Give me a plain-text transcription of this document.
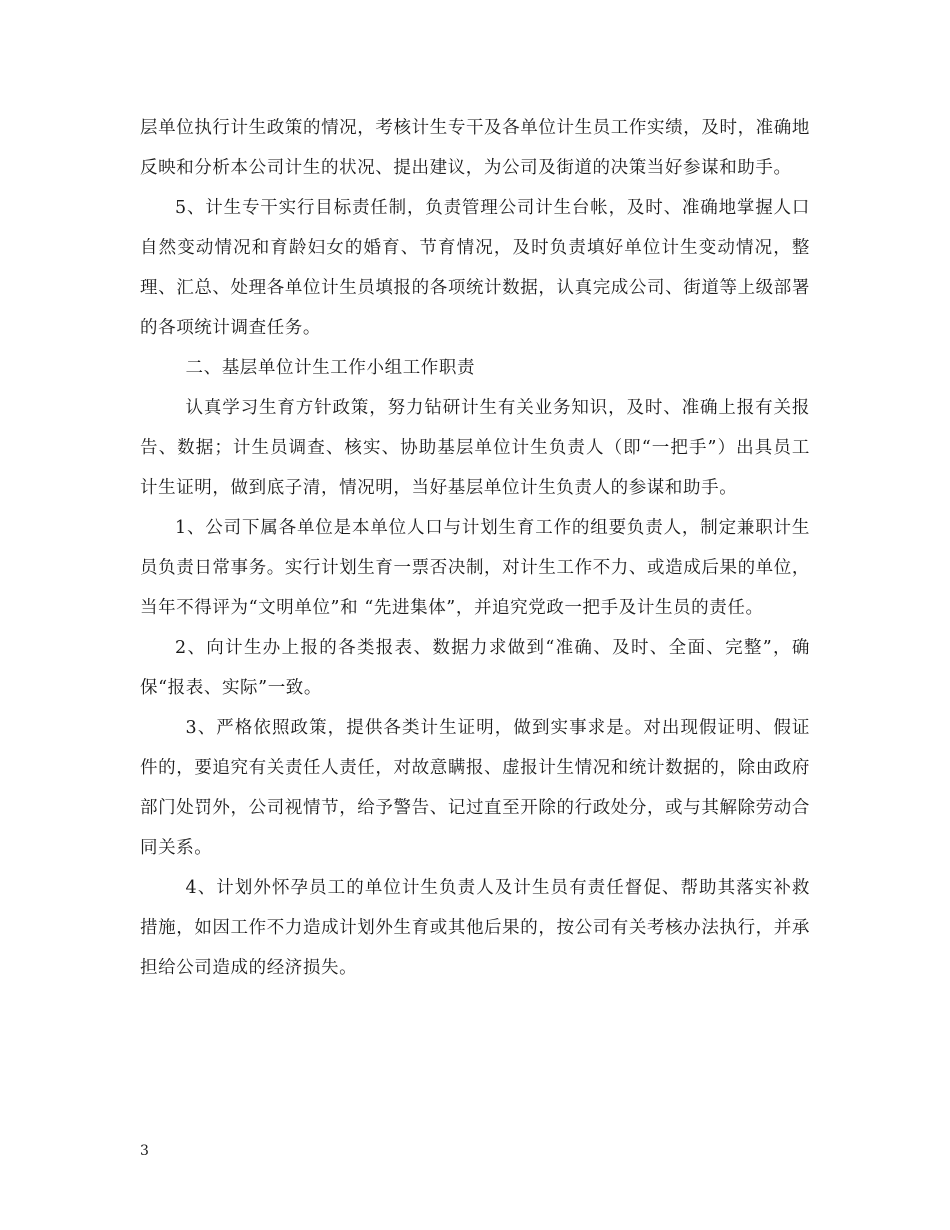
层单位执行计生政策的情况，考核计生专干及各单位计生员工作实绩，及时，准确地反映和分析本公司计生的状况、提出建议，为公司及街道的决策当好参谋和助手。

5、计生专干实行目标责任制，负责管理公司计生台帐，及时、准确地掌握人口自然变动情况和育龄妇女的婚育、节育情况，及时负责填好单位计生变动情况，整理、汇总、处理各单位计生员填报的各项统计数据，认真完成公司、街道等上级部署的各项统计调查任务。

二、基层单位计生工作小组工作职责

认真学习生育方针政策，努力钻研计生有关业务知识，及时、准确上报有关报告、数据；计生员调查、核实、协助基层单位计生负责人（即“一把手”）出具员工计生证明，做到底子清，情况明，当好基层单位计生负责人的参谋和助手。

1、公司下属各单位是本单位人口与计划生育工作的组要负责人，制定兼职计生员负责日常事务。实行计划生育一票否决制，对计生工作不力、或造成后果的单位，当年不得评为“文明单位”和 “先进集体”，并追究党政一把手及计生员的责任。

2、向计生办上报的各类报表、数据力求做到“准确、及时、全面、完整”，确保“报表、实际”一致。

3、严格依照政策，提供各类计生证明，做到实事求是。对出现假证明、假证件的，要追究有关责任人责任，对故意瞒报、虚报计生情况和统计数据的，除由政府部门处罚外，公司视情节，给予警告、记过直至开除的行政处分，或与其解除劳动合同关系。

4、计划外怀孕员工的单位计生负责人及计生员有责任督促、帮助其落实补救措施，如因工作不力造成计划外生育或其他后果的，按公司有关考核办法执行，并承担给公司造成的经济损失。

3
